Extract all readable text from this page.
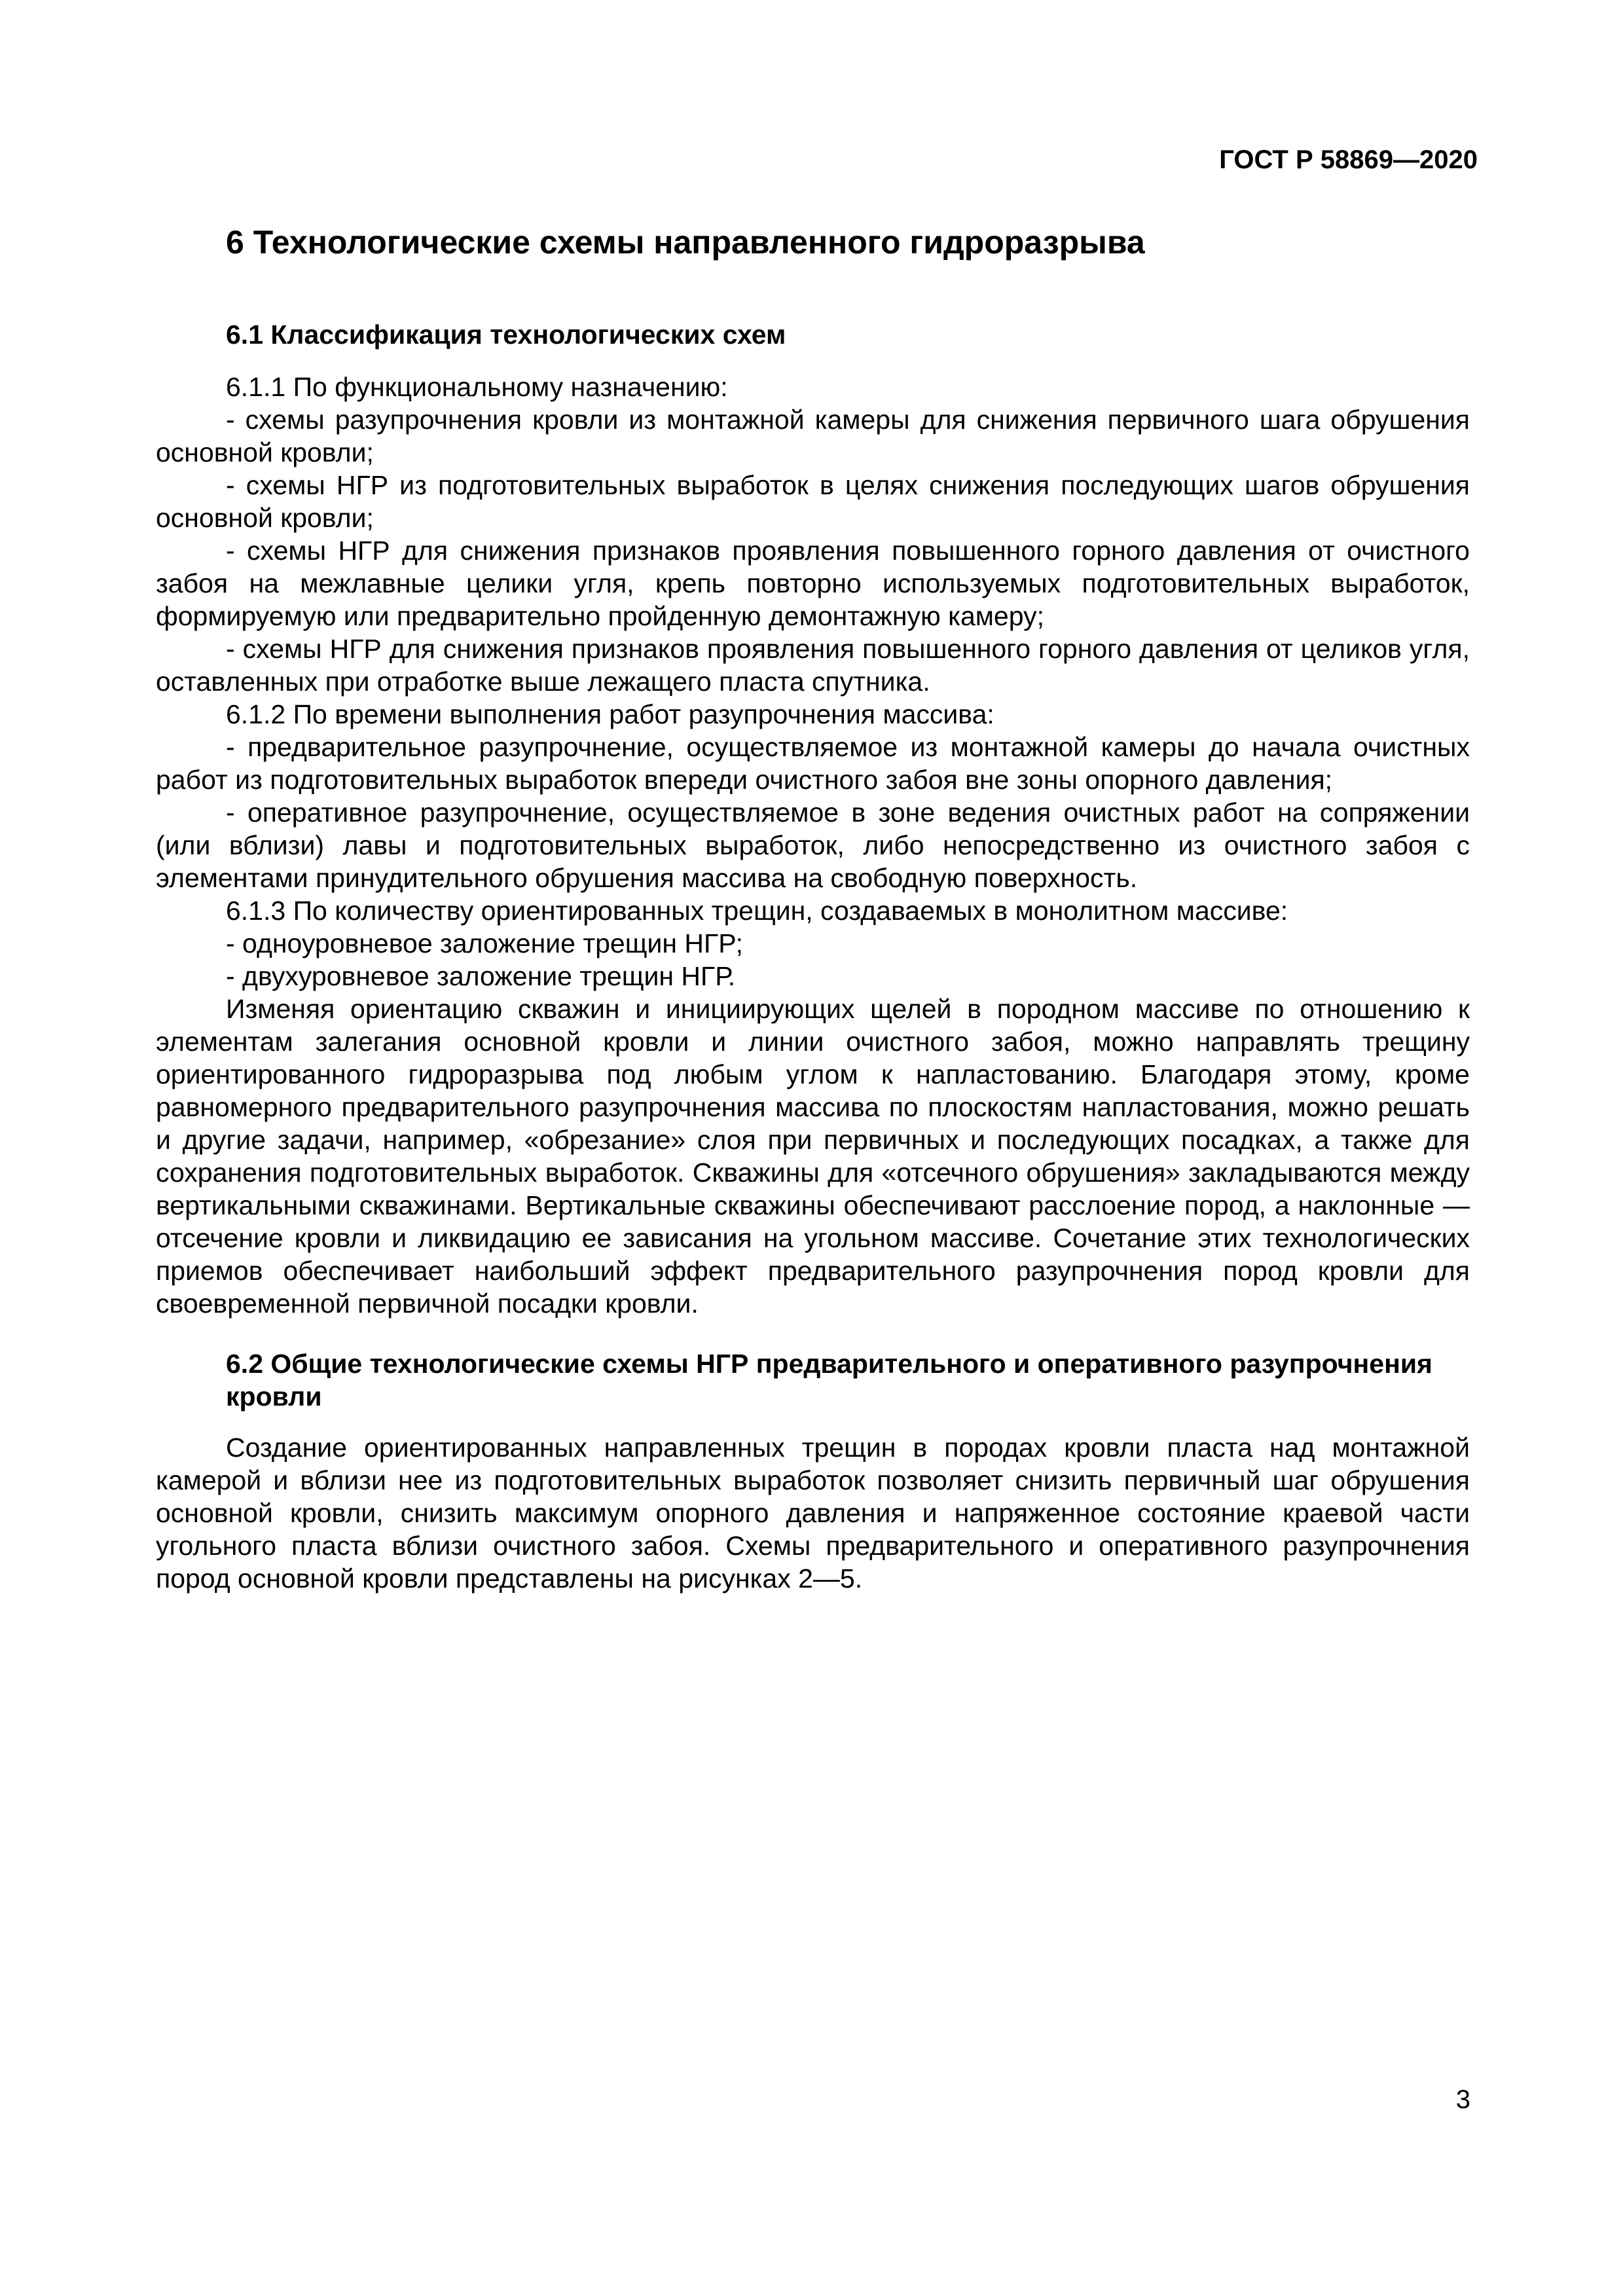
ГОСТ Р 58869—2020
6 Технологические схемы направленного гидроразрыва
6.1 Классификация технологических схем

6.1.1 По функциональному назначению:

- схемы разупрочнения кровли из монтажной камеры для снижения первичного шага обрушения основной кровли;

- схемы НГР из подготовительных выработок в целях снижения последующих шагов обрушения основной кровли;

- схемы НГР для снижения признаков проявления повышенного горного давления от очистного забоя на межлавные целики угля, крепь повторно используемых подготовительных выработок, формируемую или предварительно пройденную демонтажную камеру;

- схемы НГР для снижения признаков проявления повышенного горного давления от целиков угля, оставленных при отработке выше лежащего пласта спутника.

6.1.2 По времени выполнения работ разупрочнения массива:

- предварительное разупрочнение, осуществляемое из монтажной камеры до начала очистных работ из подготовительных выработок впереди очистного забоя вне зоны опорного давления;

- оперативное разупрочнение, осуществляемое в зоне ведения очистных работ на сопряжении (или вблизи) лавы и подготовительных выработок, либо непосредственно из очистного забоя с элементами принудительного обрушения массива на свободную поверхность.

6.1.3 По количеству ориентированных трещин, создаваемых в монолитном массиве:

- одноуровневое заложение трещин НГР;

- двухуровневое заложение трещин НГР.

Изменяя ориентацию скважин и инициирующих щелей в породном массиве по отношению к элементам залегания основной кровли и линии очистного забоя, можно направлять трещину ориентированного гидроразрыва под любым углом к напластованию. Благодаря этому, кроме равномерного предварительного разупрочнения массива по плоскостям напластования, можно решать и другие задачи, например, «обрезание» слоя при первичных и последующих посадках, а также для сохранения подготовительных выработок. Скважины для «отсечного обрушения» закладываются между вертикальными скважинами. Вертикальные скважины обеспечивают расслоение пород, а наклонные — отсечение кровли и ликвидацию ее зависания на угольном массиве. Сочетание этих технологических приемов обеспечивает наибольший эффект предварительного разупрочнения пород кровли для своевременной первичной посадки кровли.

6.2 Общие технологические схемы НГР предварительного и оперативного разупрочнения кровли

Создание ориентированных направленных трещин в породах кровли пласта над монтажной камерой и вблизи нее из подготовительных выработок позволяет снизить первичный шаг обрушения основной кровли, снизить максимум опорного давления и напряженное состояние краевой части угольного пласта вблизи очистного забоя. Схемы предварительного и оперативного разупрочнения пород основной кровли представлены на рисунках 2—5.

3
